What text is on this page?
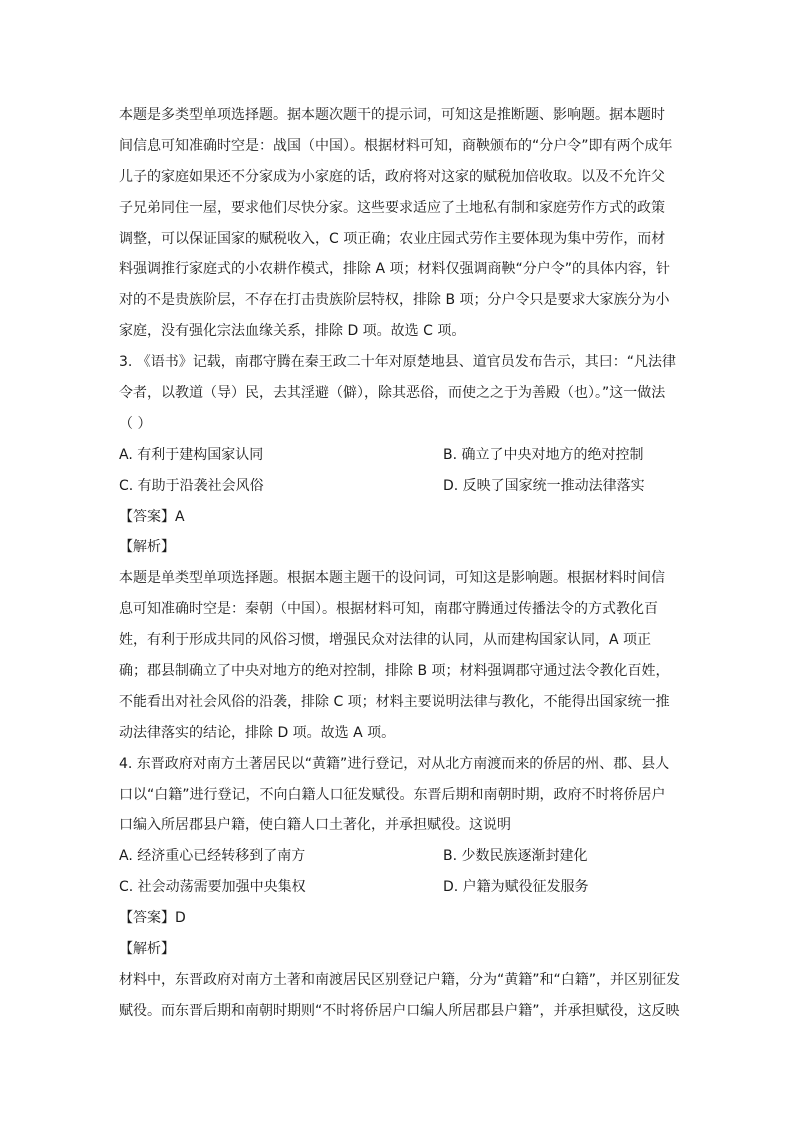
本题是多类型单项选择题。据本题次题干的提示词，可知这是推断题、影响题。据本题时
间信息可知准确时空是：战国（中国）。根据材料可知，商鞅颁布的“分户令”即有两个成年
儿子的家庭如果还不分家成为小家庭的话，政府将对这家的赋税加倍收取。以及不允许父
子兄弟同住一屋，要求他们尽快分家。这些要求适应了土地私有制和家庭劳作方式的政策
调整，可以保证国家的赋税收入，C 项正确；农业庄园式劳作主要体现为集中劳作，而材
料强调推行家庭式的小农耕作模式，排除 A 项；材料仅强调商鞅“分户令”的具体内容，针
对的不是贵族阶层，不存在打击贵族阶层特权，排除 B 项；分户令只是要求大家族分为小
家庭，没有强化宗法血缘关系，排除 D 项。故选 C 项。
3. 《语书》记载，南郡守腾在秦王政二十年对原楚地县、道官员发布告示，其曰：“凡法律
令者，以教道（导）民，去其淫避（僻），除其恶俗，而使之之于为善殿（也）。”这一做法
（ ）
A. 有利于建构国家认同	B. 确立了中央对地方的绝对控制
C. 有助于沿袭社会风俗	D. 反映了国家统一推动法律落实
【答案】A
【解析】
本题是单类型单项选择题。根据本题主题干的设问词，可知这是影响题。根据材料时间信
息可知准确时空是：秦朝（中国）。根据材料可知，南郡守腾通过传播法令的方式教化百
姓，有利于形成共同的风俗习惯，增强民众对法律的认同，从而建构国家认同，A 项正
确；郡县制确立了中央对地方的绝对控制，排除 B 项；材料强调郡守通过法令教化百姓，
不能看出对社会风俗的沿袭，排除 C 项；材料主要说明法律与教化，不能得出国家统一推
动法律落实的结论，排除 D 项。故选 A 项。
4. 东晋政府对南方土著居民以“黄籍”进行登记，对从北方南渡而来的侨居的州、郡、县人
口以“白籍”进行登记，不向白籍人口征发赋役。东晋后期和南朝时期，政府不时将侨居户
口编入所居郡县户籍，使白籍人口土著化，并承担赋役。这说明
A. 经济重心已经转移到了南方	B. 少数民族逐渐封建化
C. 社会动荡需要加强中央集权	D. 户籍为赋役征发服务
【答案】D
【解析】
材料中，东晋政府对南方土著和南渡居民区别登记户籍，分为“黄籍”和“白籍”，并区别征发
赋役。而东晋后期和南朝时期则“不时将侨居户口编人所居郡县户籍”，并承担赋役，这反映
